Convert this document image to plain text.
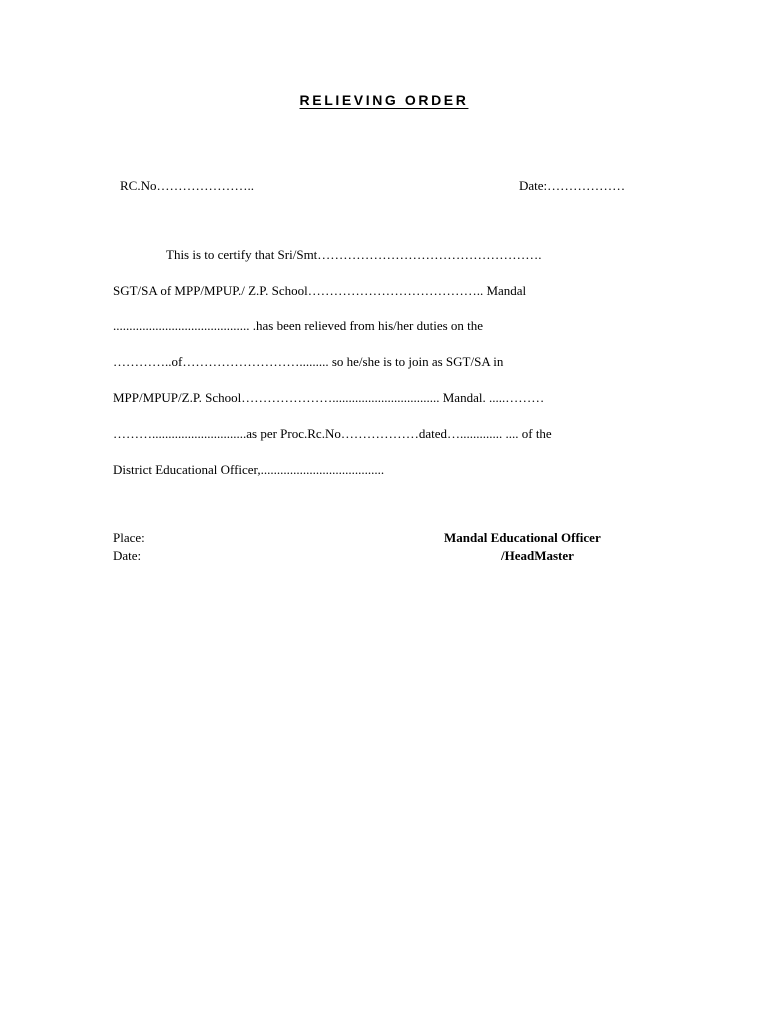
RELIEVING ORDER
RC.No…………………..	Date:………………
This is to certify that Sri/Smt…………………………………………….
SGT/SA of MPP/MPUP./ Z.P. School………………………………….. Mandal
.......................................... .has been relieved from his/her duties on the
…………..of………………………......... so he/she is to join as SGT/SA in
MPP/MPUP/Z.P. School…………………................................. Mandal. .....………
……….............................as per Proc.Rc.No………………dated…............. .... of the
District Educational Officer,......................................
Place:
Date:
Mandal Educational Officer
/HeadMaster
